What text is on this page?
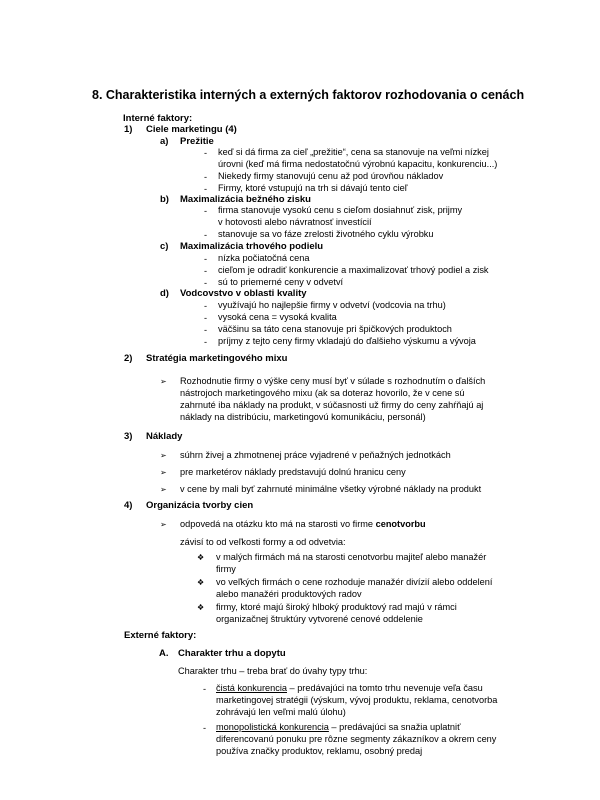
8. Charakteristika interných a externých faktorov rozhodovania o cenách
Interné faktory:
1) Ciele marketingu (4)
a) Prežitie
- keď si dá firma za cieľ „prežitie“, cena sa stanovuje na veľmi nízkej
úrovni (keď má firma nedostatočnú výrobnú kapacitu, konkurenciu...)
- Niekedy firmy stanovujú cenu až pod úrovňou nákladov
- Firmy, ktoré vstupujú na trh si dávajú tento cieľ
b) Maximalizácia bežného zisku
- firma stanovuje vysokú cenu s cieľom dosiahnuť zisk, prijmy
v hotovosti alebo návratnosť investícií
- stanovuje sa vo fáze zrelosti životného cyklu výrobku
c) Maximalizácia trhového podielu
- nízka počiatočná cena
- cieľom je odradiť konkurencie a maximalizovať trhový podiel a zisk
- sú to priemerné ceny v odvetví
d) Vodcovstvo v oblasti kvality
- využívajú ho najlepšie firmy v odvetví (vodcovia na trhu)
- vysoká cena = vysoká kvalita
- väčšinu sa táto cena stanovuje pri špičkových produktoch
- príjmy z tejto ceny firmy vkladajú do ďalšieho výskumu a vývoja
2) Stratégia marketingového mixu
➢ Rozhodnutie firmy o výške ceny musí byť v súlade s rozhodnutím o ďalších
nástrojoch marketingového mixu (ak sa doteraz hovorilo, že v cene sú
zahrnuté iba náklady na produkt, v súčasnosti už firmy do ceny zahŕňajú aj
náklady na distribúciu, marketingovú komunikáciu, personál)
3) Náklady
➢ súhrn živej a zhmotnenej práce vyjadrené v peňažných jednotkách
➢ pre marketérov náklady predstavujú dolnú hranicu ceny
➢ v cene by mali byť zahrnuté minimálne všetky výrobné náklady na produkt
4) Organizácia tvorby cien
➢ odpovedá na otázku kto má na starosti vo firme cenotvorbu
závisí to od veľkosti formy a od odvetvia:
❖ v malých firmách má na starosti cenotvorbu majiteľ alebo manažér
firmy
❖ vo veľkých firmách o cene rozhoduje manažér divízií alebo oddelení
alebo manažéri produktových radov
❖ firmy, ktoré majú široký hlboký produktový rad majú v rámci
organizačnej štruktúry vytvorené cenové oddelenie
Externé faktory:
A. Charakter trhu a dopytu
Charakter trhu – treba brať do úvahy typy trhu:
- čistá konkurencia – predávajúci na tomto trhu nevenuje veľa času
marketingovej stratégii (výskum, vývoj produktu, reklama, cenotvorba
zohrávajú len veľmi malú úlohu)
- monopolistická konkurencia – predávajúci sa snažia uplatniť
diferencovanú ponuku pre rôzne segmenty zákazníkov a okrem ceny
používa značky produktov, reklamu, osobný predaj
